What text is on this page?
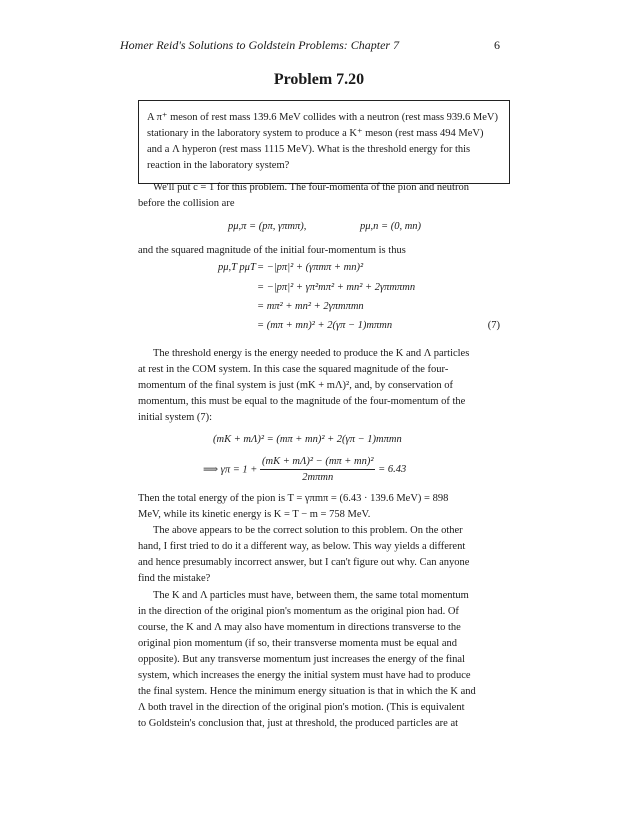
Homer Reid's Solutions to Goldstein Problems: Chapter 7	6
Problem 7.20
A π⁺ meson of rest mass 139.6 MeV collides with a neutron (rest mass 939.6 MeV)
stationary in the laboratory system to produce a K⁺ meson (rest mass 494 MeV)
and a Λ hyperon (rest mass 1115 MeV). What is the threshold energy for this
reaction in the laboratory system?
We'll put c = 1 for this problem. The four-momenta of the pion and neutron
before the collision are
pμ,π = (pπ, γπmπ),	pμ,n = (0, mn)
and the squared magnitude of the initial four-momentum is thus
pμ,T pμT = −|pπ|² + (γπmπ + mn)²
= −|pπ|² + γπ²mπ² + mn² + 2γπmπmn
= mπ² + mn² + 2γπmπmn
= (mπ + mn)² + 2(γπ − 1)mπmn	(7)
The threshold energy is the energy needed to produce the K and Λ particles
at rest in the COM system. In this case the squared magnitude of the four-
momentum of the final system is just (mK + mΛ)², and, by conservation of
momentum, this must be equal to the magnitude of the four-momentum of the
initial system (7):
(mK + mΛ)² = (mπ + mn)² + 2(γπ − 1)mπmn
⟹ $\gamma\pi = 1 + \frac{\text{(mK + mΛ)² − (mπ + mn)²}}{\text{2mπmn}} = 6.43$
Then the total energy of the pion is T = γπmπ = (6.43 · 139.6 MeV) = 898
MeV, while its kinetic energy is K = T − m = 758 MeV.
The above appears to be the correct solution to this problem. On the other
hand, I first tried to do it a different way, as below. This way yields a different
and hence presumably incorrect answer, but I can't figure out why. Can anyone
find the mistake?
The K and Λ particles must have, between them, the same total momentum
in the direction of the original pion's momentum as the original pion had. Of
course, the K and Λ may also have momentum in directions transverse to the
original pion momentum (if so, their transverse momenta must be equal and
opposite). But any transverse momentum just increases the energy of the final
system, which increases the energy the initial system must have had to produce
the final system. Hence the minimum energy situation is that in which the K and
Λ both travel in the direction of the original pion's motion. (This is equivalent
to Goldstein's conclusion that, just at threshold, the produced particles are at
